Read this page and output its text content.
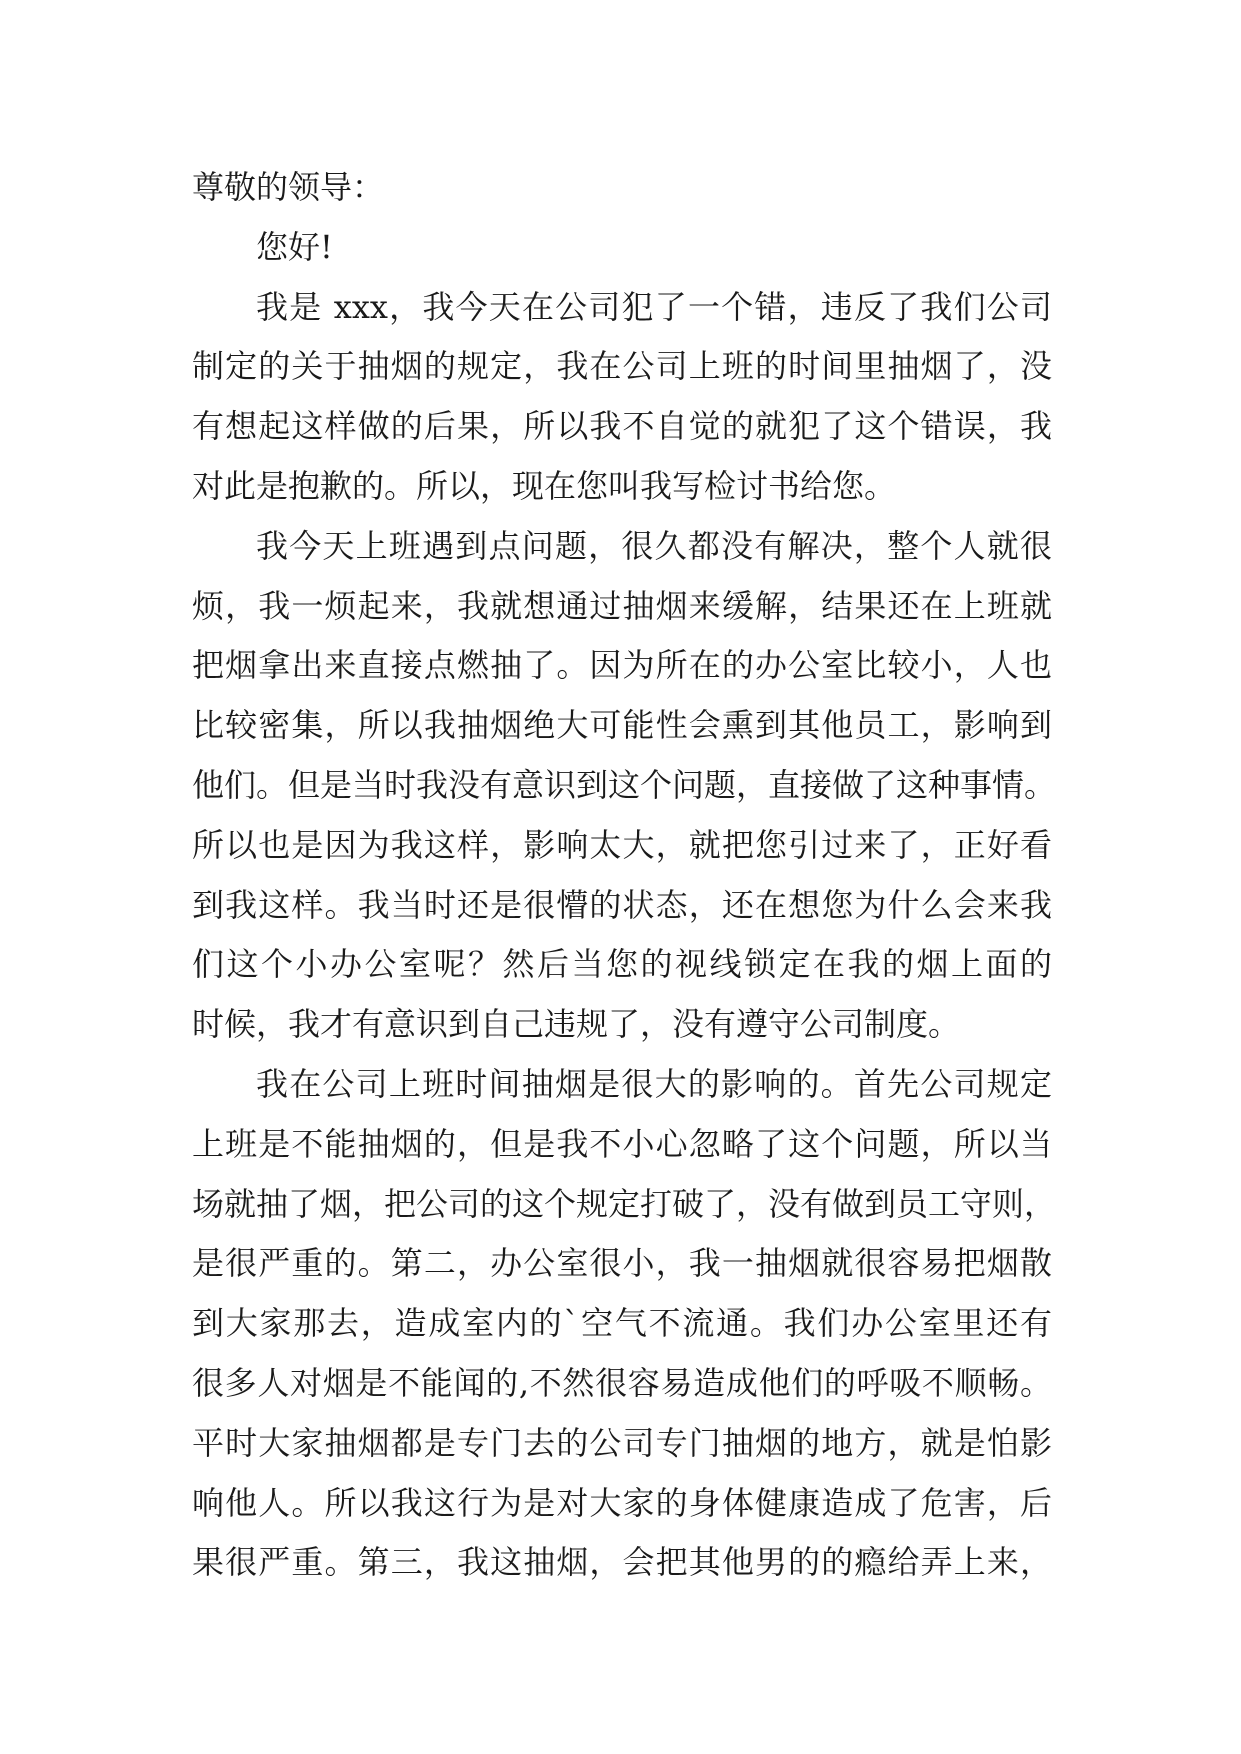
尊敬的领导：
您好!
我是 xxx，我今天在公司犯了一个错，违反了我们公司
制定的关于抽烟的规定，我在公司上班的时间里抽烟了，没
有想起这样做的后果，所以我不自觉的就犯了这个错误，我
对此是抱歉的。所以，现在您叫我写检讨书给您。
我今天上班遇到点问题，很久都没有解决，整个人就很
烦，我一烦起来，我就想通过抽烟来缓解，结果还在上班就
把烟拿出来直接点燃抽了。因为所在的办公室比较小，人也
比较密集，所以我抽烟绝大可能性会熏到其他员工，影响到
他们。但是当时我没有意识到这个问题，直接做了这种事情。
所以也是因为我这样，影响太大，就把您引过来了，正好看
到我这样。我当时还是很懵的状态，还在想您为什么会来我
们这个小办公室呢？然后当您的视线锁定在我的烟上面的
时候，我才有意识到自己违规了，没有遵守公司制度。
我在公司上班时间抽烟是很大的影响的。首先公司规定
上班是不能抽烟的，但是我不小心忽略了这个问题，所以当
场就抽了烟，把公司的这个规定打破了，没有做到员工守则，
是很严重的。第二，办公室很小，我一抽烟就很容易把烟散
到大家那去，造成室内的`空气不流通。我们办公室里还有
很多人对烟是不能闻的,不然很容易造成他们的呼吸不顺畅。
平时大家抽烟都是专门去的公司专门抽烟的地方，就是怕影
响他人。所以我这行为是对大家的身体健康造成了危害，后
果很严重。第三，我这抽烟，会把其他男的的瘾给弄上来，
